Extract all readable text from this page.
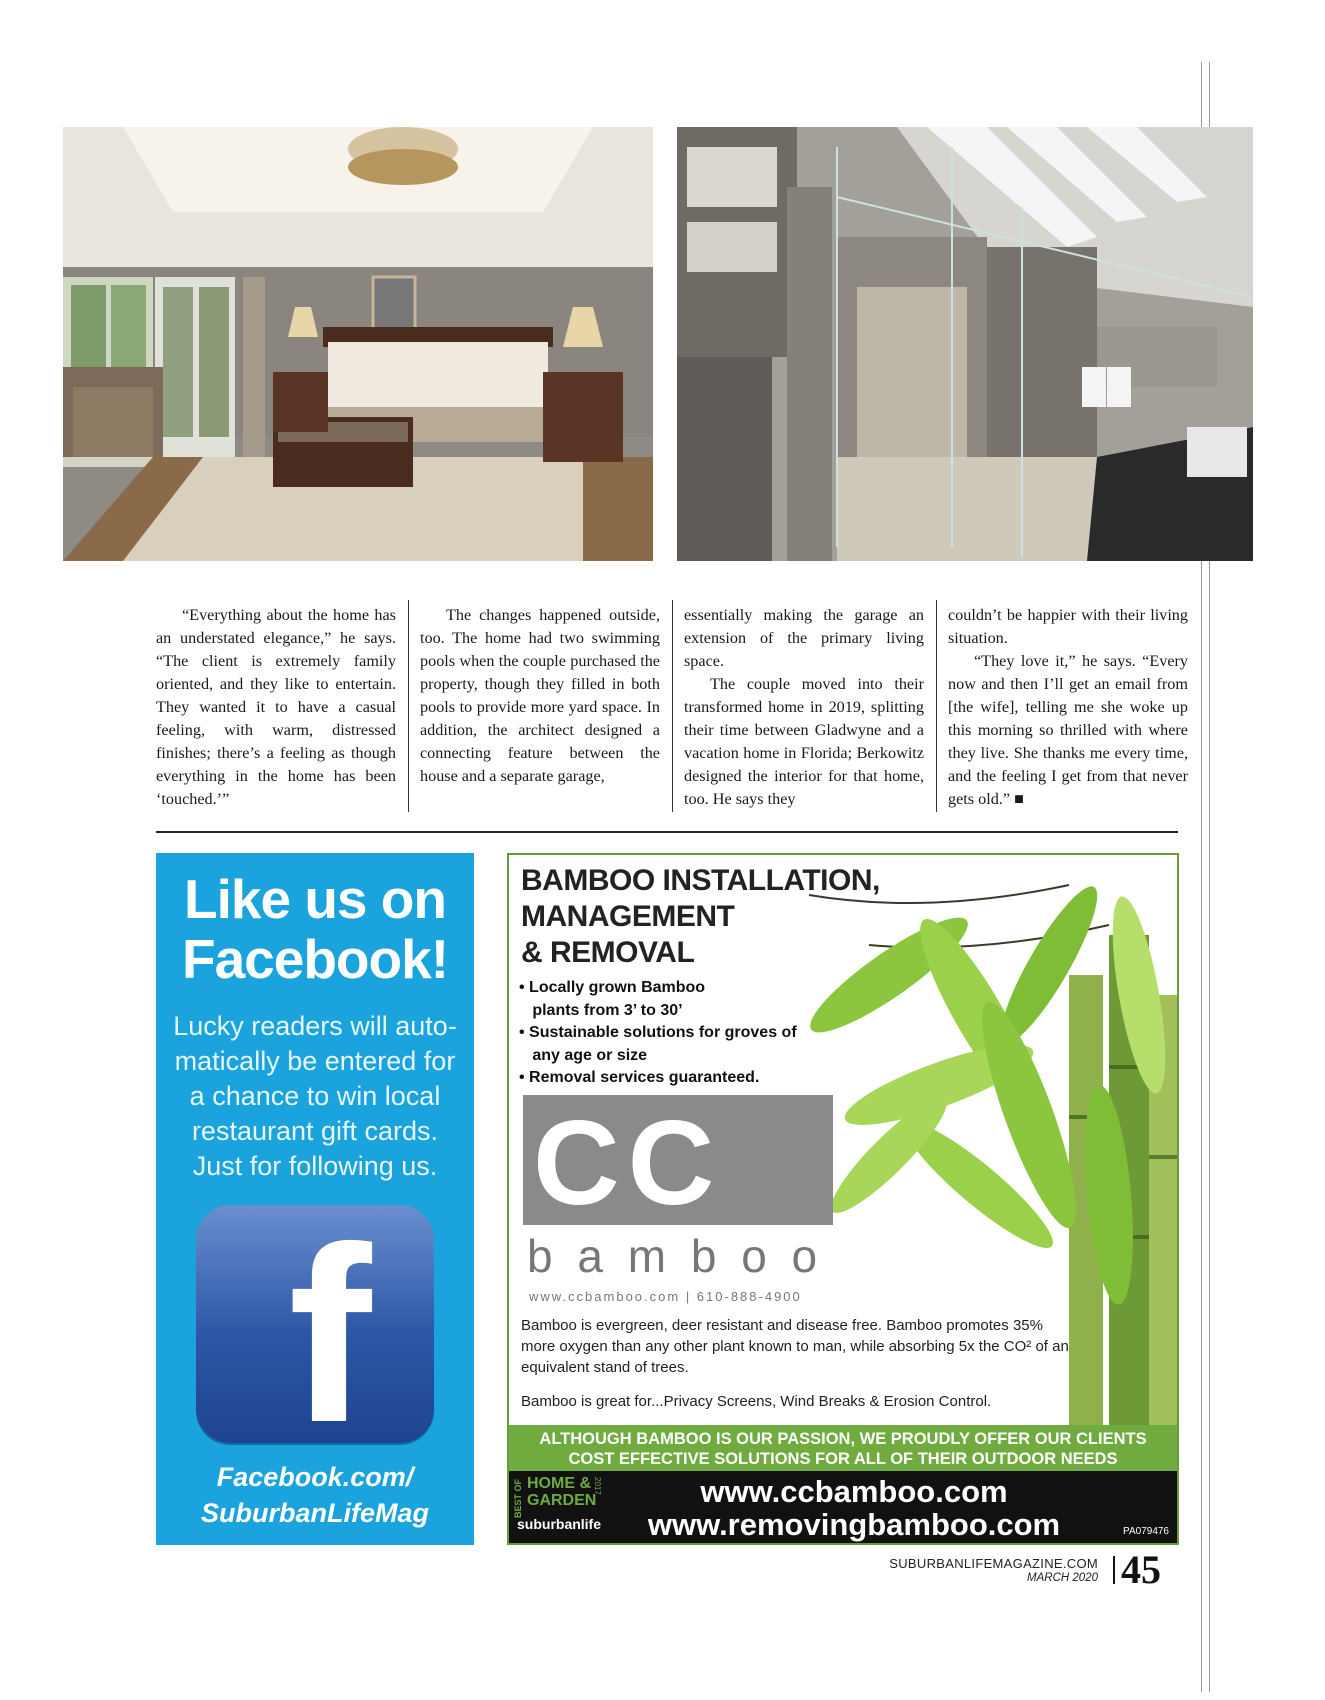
“Everything about the home has an understated elegance,” he says. “The client is extremely family oriented, and they like to entertain. They wanted it to have a casual feeling, with warm, distressed finishes; there’s a feeling as though everything in the home has been ‘touched.’”

The changes happened outside, too. The home had two swimming pools when the couple purchased the property, though they filled in both pools to provide more yard space. In addition, the architect designed a connecting feature between the house and a separate garage,

essentially making the garage an extension of the primary living space.

The couple moved into their transformed home in 2019, splitting their time between Gladwyne and a vacation home in Florida; Berkowitz designed the interior for that home, too. He says they

couldn’t be happier with their living situation.

“They love it,” he says. “Every now and then I’ll get an email from [the wife], telling me she woke up this morning so thrilled with where they live. She thanks me every time, and the feeling I get from that never gets old.” ■

Like us on
Facebook!
Lucky readers will auto-
matically be entered for
a chance to win local
restaurant gift cards.
Just for following us.
f
Facebook.com/
SuburbanLifeMag
BAMBOO INSTALLATION,
MANAGEMENT
& REMOVAL
• Locally grown Bamboo
plants from 3’ to 30’
• Sustainable solutions for groves of
any age or size
• Removal services guaranteed.
CC
b a m b o o
www.ccbamboo.com | 610-888-4900

Bamboo is evergreen, deer resistant and disease free. Bamboo promotes 35% more oxygen than any other plant known to man, while absorbing 5x the CO² of an equivalent stand of trees.

Bamboo is great for...Privacy Screens, Wind Breaks & Erosion Control.

ALTHOUGH BAMBOO IS OUR PASSION, WE PROUDLY OFFER OUR CLIENTS
COST EFFECTIVE SOLUTIONS FOR ALL OF THEIR OUTDOOR NEEDS
BEST OF HOME &
GARDEN
2017
suburbanlife
www.ccbamboo.com
www.removingbamboo.com	PA079476
SUBURBANLIFEMAGAZINE.COM
MARCH 2020 45
